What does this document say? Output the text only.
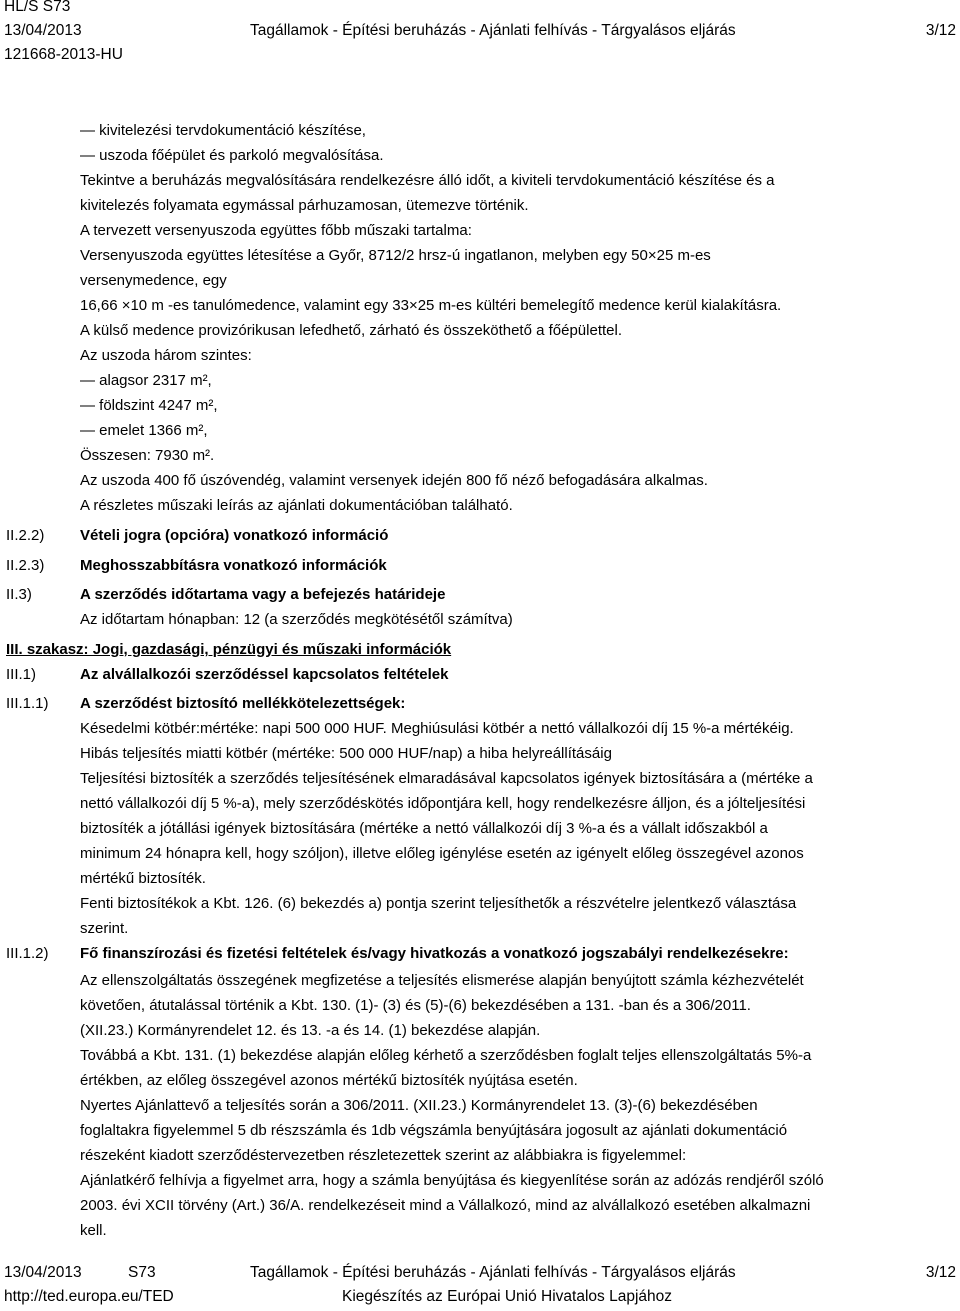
HL/S S73
13/04/2013	Tagállamok - Építési beruházás - Ajánlati felhívás - Tárgyalásos eljárás	3/12
121668-2013-HU
— kivitelezési tervdokumentáció készítése,
— uszoda főépület és parkoló megvalósítása.
Tekintve a beruházás megvalósítására rendelkezésre álló időt, a kiviteli tervdokumentáció készítése és a
kivitelezés folyamata egymással párhuzamosan, ütemezve történik.
A tervezett versenyuszoda együttes főbb műszaki tartalma:
Versenyuszoda együttes létesítése a Győr, 8712/2 hrsz-ú ingatlanon, melyben egy 50×25 m-es
versenymedence, egy
16,66 ×10 m -es tanulómedence, valamint egy 33×25 m-es kültéri bemelegítő medence kerül kialakításra.
A külső medence provizórikusan lefedhető, zárható és összeköthető a főépülettel.
Az uszoda három szintes:
— alagsor 2317 m²,
— földszint 4247 m²,
— emelet 1366 m²,
Összesen: 7930 m².
Az uszoda 400 fő úszóvendég, valamint versenyek idején 800 fő néző befogadására alkalmas.
A részletes műszaki leírás az ajánlati dokumentációban található.
II.2.2) Vételi jogra (opcióra) vonatkozó információ
II.2.3) Meghosszabbításra vonatkozó információk
II.3)	A szerződés időtartama vagy a befejezés határideje
Az időtartam hónapban: 12 (a szerződés megkötésétől számítva)
III. szakasz: Jogi, gazdasági, pénzügyi és műszaki információk
III.1)	Az alvállalkozói szerződéssel kapcsolatos feltételek
III.1.1) A szerződést biztosító mellékkötelezettségek:
Késedelmi kötbér:mértéke: napi 500 000 HUF. Meghiúsulási kötbér a nettó vállalkozói díj 15 %-a mértékéig.
Hibás teljesítés miatti kötbér (mértéke: 500 000 HUF/nap) a hiba helyreállításáig
Teljesítési biztosíték a szerződés teljesítésének elmaradásával kapcsolatos igények biztosítására a (mértéke a
nettó vállalkozói díj 5 %-a), mely szerződéskötés időpontjára kell, hogy rendelkezésre álljon, és a jólteljesítési
biztosíték a jótállási igények biztosítására (mértéke a nettó vállalkozói díj 3 %-a és a vállalt időszakból a
minimum 24 hónapra kell, hogy szóljon), illetve előleg igénylése esetén az igényelt előleg összegével azonos
mértékű biztosíték.
Fenti biztosítékok a Kbt. 126. (6) bekezdés a) pontja szerint teljesíthetők a részvételre jelentkező választása
szerint.
III.1.2) Fő finanszírozási és fizetési feltételek és/vagy hivatkozás a vonatkozó jogszabályi rendelkezésekre:
Az ellenszolgáltatás összegének megfizetése a teljesítés elismerése alapján benyújtott számla kézhezvételét
követően, átutalással történik a Kbt. 130. (1)- (3) és (5)-(6) bekezdésében a 131. -ban és a 306/2011.
(XII.23.) Kormányrendelet 12. és 13. -a és 14. (1) bekezdése alapján.
Továbbá a Kbt. 131. (1) bekezdése alapján előleg kérhető a szerződésben foglalt teljes ellenszolgáltatás 5%-a
értékben, az előleg összegével azonos mértékű biztosíték nyújtása esetén.
Nyertes Ajánlattevő a teljesítés során a 306/2011. (XII.23.) Kormányrendelet 13. (3)-(6) bekezdésében
foglaltakra figyelemmel 5 db részszámla és 1db végszámla benyújtására jogosult az ajánlati dokumentáció
részeként kiadott szerződéstervezetben részletezettek szerint az alábbiakra is figyelemmel:
Ajánlatkérő felhívja a figyelmet arra, hogy a számla benyújtása és kiegyenlítése során az adózás rendjéről szóló
2003. évi XCII törvény (Art.) 36/A. rendelkezéseit mind a Vállalkozó, mind az alvállalkozó esetében alkalmazni
kell.
13/04/2013	S73	Tagállamok - Építési beruházás - Ajánlati felhívás - Tárgyalásos eljárás	3/12
http://ted.europa.eu/TED	Kiegészítés az Európai Unió Hivatalos Lapjához
